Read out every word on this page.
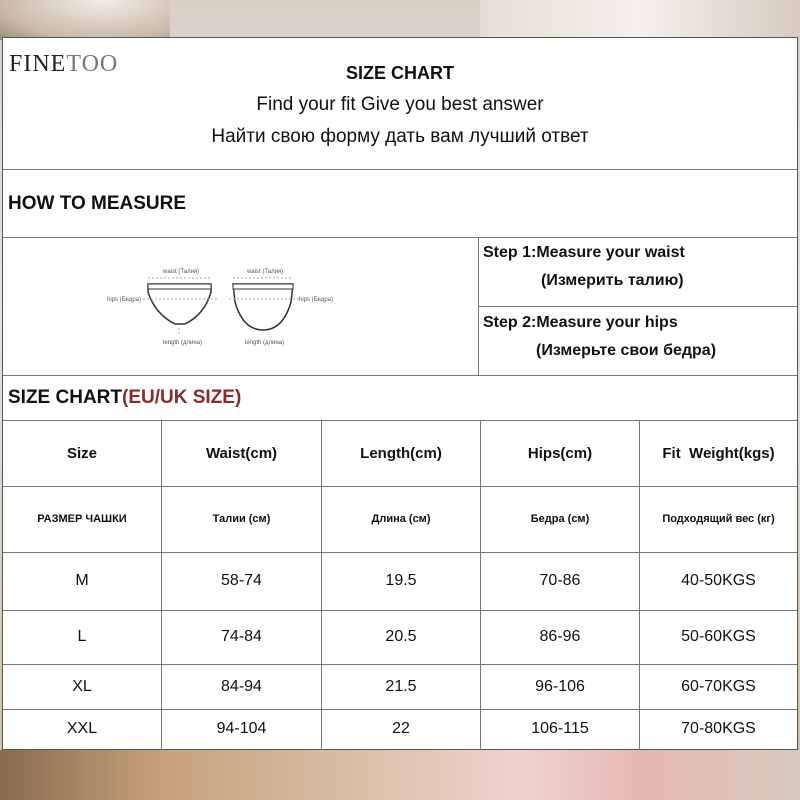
FINETOO	SIZE CHART
Find your fit Give you best answer
Найти свою форму дать вам лучший ответ
HOW TO MEASURE
waist (Талия)
hips (Бедра)
length (длина)
waist (Талия)
hips (Бедра)
length (длина)
Step 1:Measure your waist
(Измерить талию)
Step 2:Measure your hips
(Измерьте свои бедра)
SIZE CHART(EU/UK SIZE)
Size	Waist(cm)	Length(cm)	Hips(cm)	Fit  Weight(kgs)
РАЗМЕР ЧАШКИ	Талии (см)	Длина (см)	Бедра (см)	Подходящий вес (кг)
M	58-74	19.5	70-86	40-50KGS
L	74-84	20.5	86-96	50-60KGS
XL	84-94	21.5	96-106	60-70KGS
XXL	94-104	22	106-115	70-80KGS
